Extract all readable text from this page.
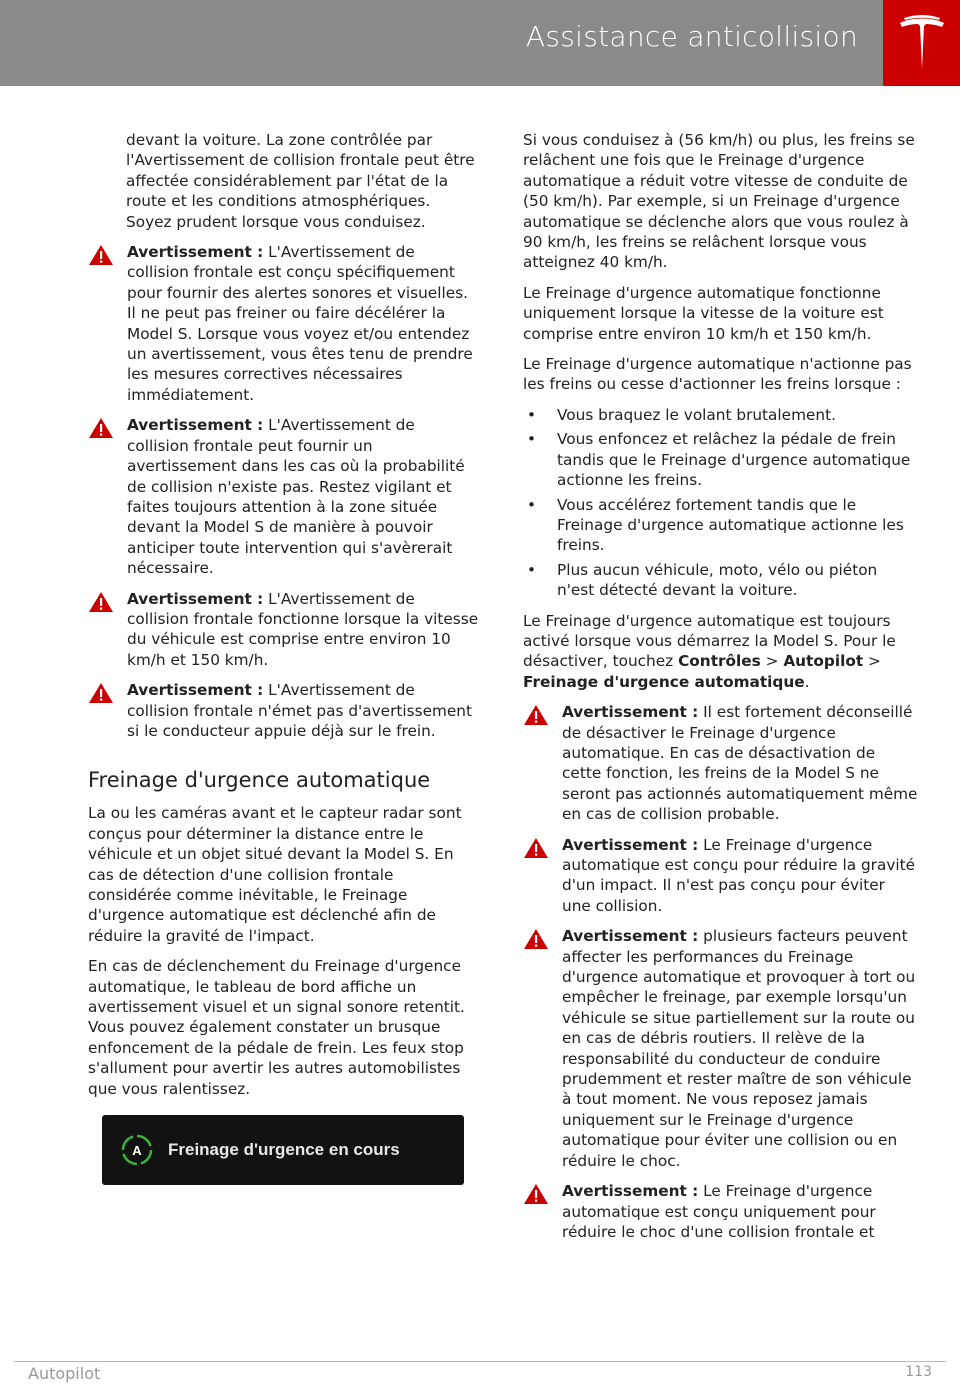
Assistance anticollision

devant la voiture. La zone contrôlée par l'Avertissement de collision frontale peut être affectée considérablement par l'état de la route et les conditions atmosphériques. Soyez prudent lorsque vous conduisez.

Avertissement : L'Avertissement de collision frontale est conçu spécifiquement pour fournir des alertes sonores et visuelles. Il ne peut pas freiner ou faire décélérer la Model S. Lorsque vous voyez et/ou entendez un avertissement, vous êtes tenu de prendre les mesures correctives nécessaires immédiatement.
Avertissement : L'Avertissement de collision frontale peut fournir un avertissement dans les cas où la probabilité de collision n'existe pas. Restez vigilant et faites toujours attention à la zone située devant la Model S de manière à pouvoir anticiper toute intervention qui s'avèrerait nécessaire.
Avertissement : L'Avertissement de collision frontale fonctionne lorsque la vitesse du véhicule est comprise entre environ 10 km/h et 150 km/h.
Avertissement : L'Avertissement de collision frontale n'émet pas d'avertissement si le conducteur appuie déjà sur le frein.
Freinage d'urgence automatique

La ou les caméras avant et le capteur radar sont conçus pour déterminer la distance entre le véhicule et un objet situé devant la Model S. En cas de détection d'une collision frontale considérée comme inévitable, le Freinage d'urgence automatique est déclenché afin de réduire la gravité de l'impact.

En cas de déclenchement du Freinage d'urgence automatique, le tableau de bord affiche un avertissement visuel et un signal sonore retentit. Vous pouvez également constater un brusque enfoncement de la pédale de frein. Les feux stop s'allument pour avertir les autres automobilistes que vous ralentissez.

A Freinage d'urgence en cours

Si vous conduisez à (56 km/h) ou plus, les freins se relâchent une fois que le Freinage d'urgence automatique a réduit votre vitesse de conduite de (50 km/h). Par exemple, si un Freinage d'urgence automatique se déclenche alors que vous roulez à 90 km/h, les freins se relâchent lorsque vous atteignez 40 km/h.

Le Freinage d'urgence automatique fonctionne uniquement lorsque la vitesse de la voiture est comprise entre environ 10 km/h et 150 km/h.

Le Freinage d'urgence automatique n'actionne pas les freins ou cesse d'actionner les freins lorsque :

• Vous braquez le volant brutalement.
• Vous enfoncez et relâchez la pédale de frein tandis que le Freinage d'urgence automatique actionne les freins.
• Vous accélérez fortement tandis que le Freinage d'urgence automatique actionne les freins.
• Plus aucun véhicule, moto, vélo ou piéton n'est détecté devant la voiture.

Le Freinage d'urgence automatique est toujours activé lorsque vous démarrez la Model S. Pour le désactiver, touchez Contrôles > Autopilot > Freinage d'urgence automatique.

Avertissement : Il est fortement déconseillé de désactiver le Freinage d'urgence automatique. En cas de désactivation de cette fonction, les freins de la Model S ne seront pas actionnés automatiquement même en cas de collision probable.
Avertissement : Le Freinage d'urgence automatique est conçu pour réduire la gravité d'un impact. Il n'est pas conçu pour éviter une collision.
Avertissement : plusieurs facteurs peuvent affecter les performances du Freinage d'urgence automatique et provoquer à tort ou empêcher le freinage, par exemple lorsqu'un véhicule se situe partiellement sur la route ou en cas de débris routiers. Il relève de la responsabilité du conducteur de conduire prudemment et rester maître de son véhicule à tout moment. Ne vous reposez jamais uniquement sur le Freinage d'urgence automatique pour éviter une collision ou en réduire le choc.
Avertissement : Le Freinage d'urgence automatique est conçu uniquement pour réduire le choc d'une collision frontale et
Autopilot	113
